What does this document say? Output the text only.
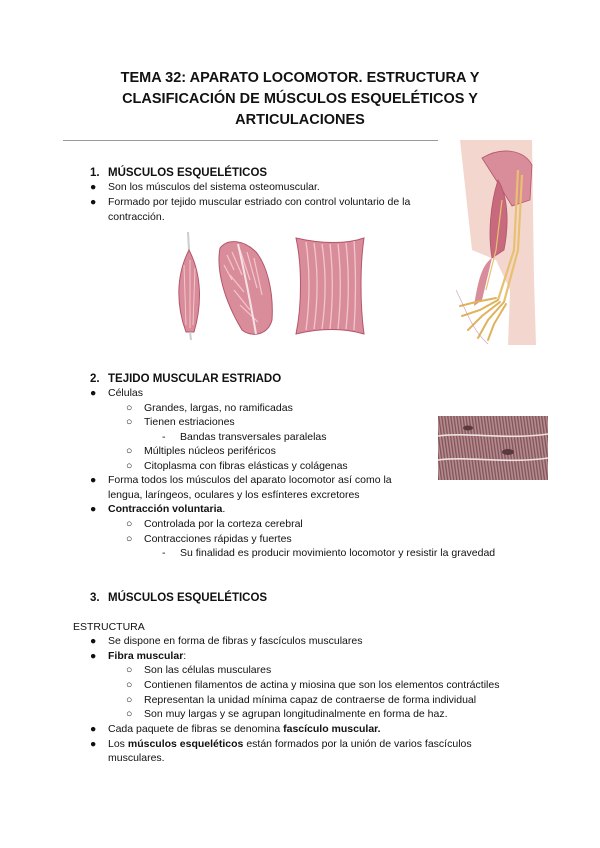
TEMA 32: APARATO LOCOMOTOR. ESTRUCTURA Y
CLASIFICACIÓN DE MÚSCULOS ESQUELÉTICOS Y
ARTICULACIONES
1. MÚSCULOS ESQUELÉTICOS
● Son los músculos del sistema osteomuscular.
● Formado por tejido muscular estriado con control voluntario de la
contracción.
2. TEJIDO MUSCULAR ESTRIADO
● Células
○ Grandes, largas, no ramificadas
○ Tienen estriaciones
- Bandas transversales paralelas
○ Múltiples núcleos periféricos
○ Citoplasma con fibras elásticas y colágenas
● Forma todos los músculos del aparato locomotor así como la
lengua, laríngeos, oculares y los esfínteres excretores
● Contracción voluntaria.
○ Controlada por la corteza cerebral
○ Contracciones rápidas y fuertes
- Su finalidad es producir movimiento locomotor y resistir la gravedad
3. MÚSCULOS ESQUELÉTICOS
ESTRUCTURA
● Se dispone en forma de fibras y fascículos musculares
● Fibra muscular:
○ Son las células musculares
○ Contienen filamentos de actina y miosina que son los elementos contráctiles
○ Representan la unidad mínima capaz de contraerse de forma individual
○ Son muy largas y se agrupan longitudinalmente en forma de haz.
● Cada paquete de fibras se denomina fascículo muscular.
● Los músculos esqueléticos están formados por la unión de varios fascículos
musculares.
